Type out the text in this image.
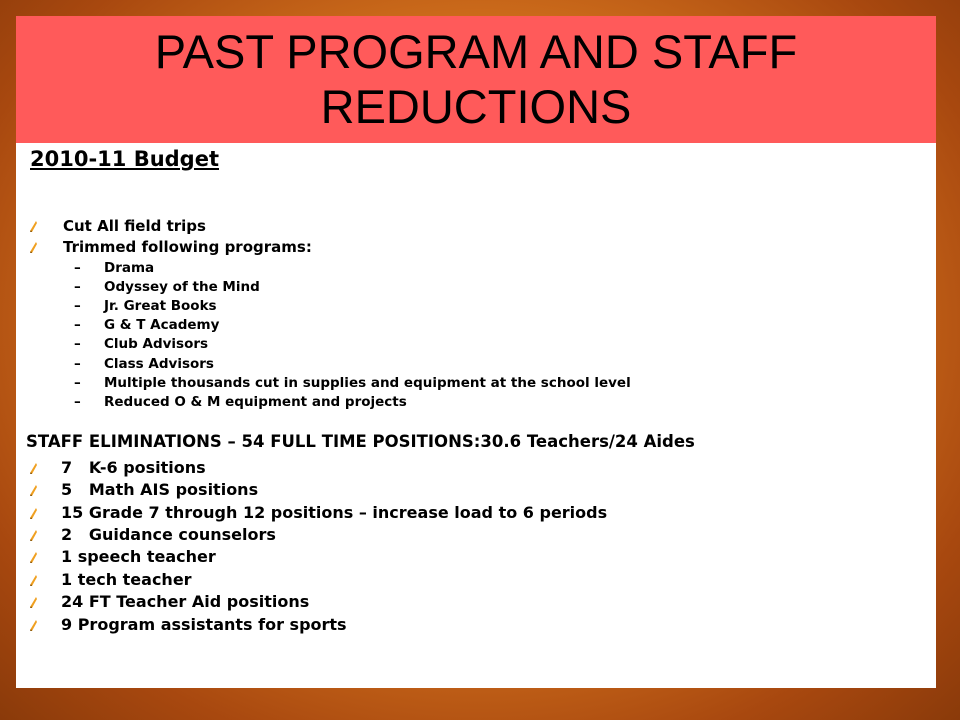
PAST PROGRAM AND STAFF
REDUCTIONS
2010-11 Budget
Cut All field trips
Trimmed following programs:
– Drama
– Odyssey of the Mind
– Jr. Great Books
– G & T Academy
– Club Advisors
– Class Advisors
– Multiple thousands cut in supplies and equipment at the school level
– Reduced O & M equipment and projects
STAFF ELIMINATIONS – 54 FULL TIME POSITIONS:30.6 Teachers/24 Aides
7   K-6 positions
5   Math AIS positions
15 Grade 7 through 12 positions – increase load to 6 periods
2   Guidance counselors
1 speech teacher
1 tech teacher
24 FT Teacher Aid positions
9 Program assistants for sports
